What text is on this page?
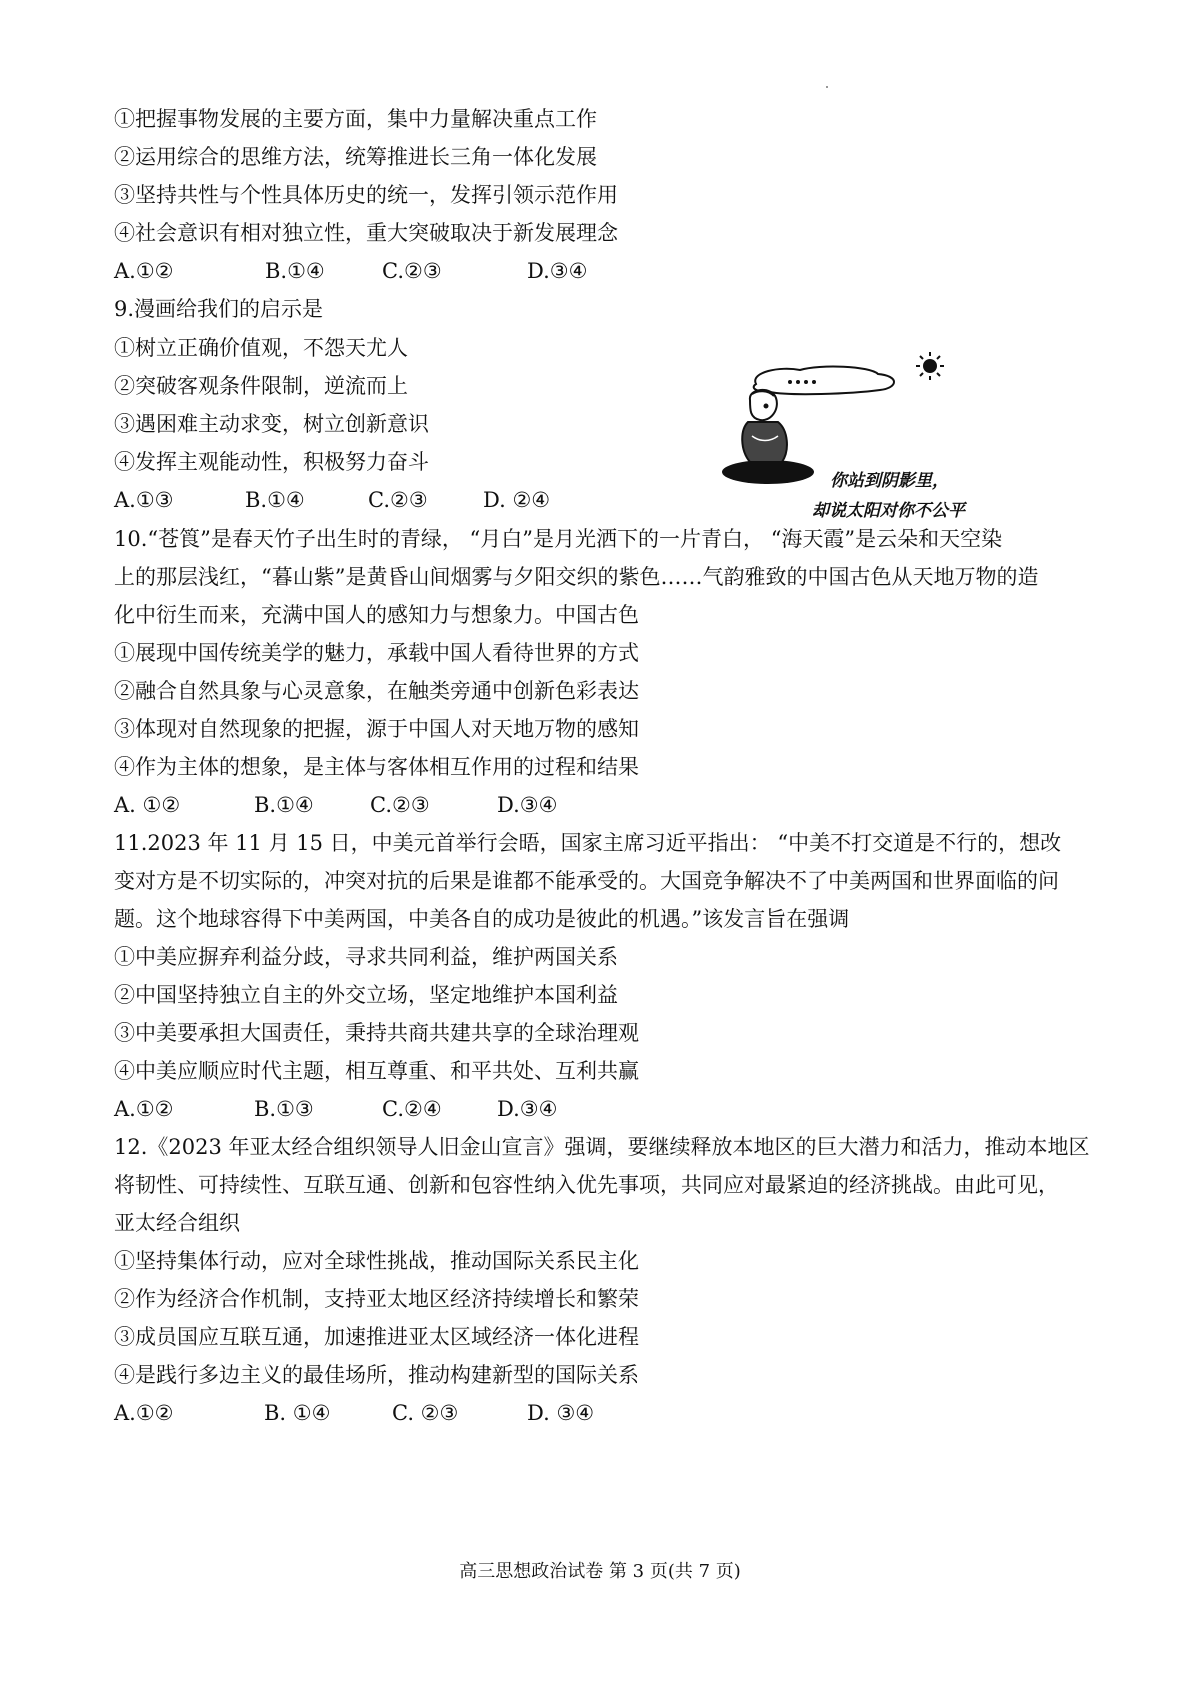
①把握事物发展的主要方面，集中力量解决重点工作
②运用综合的思维方法，统筹推进长三角一体化发展
③坚持共性与个性具体历史的统一，发挥引领示范作用
④社会意识有相对独立性，重大突破取决于新发展理念
A.①②	B.①④	C.②③	D.③④
9.漫画给我们的启示是
①树立正确价值观，不怨天尤人
②突破客观条件限制，逆流而上
③遇困难主动求变，树立创新意识
④发挥主观能动性，积极努力奋斗
A.①③	B.①④	C.②③	D. ②④
你站到阴影里，
却说太阳对你不公平
10.“苍筤”是春天竹子出生时的青绿， “月白”是月光洒下的一片青白， “海天霞”是云朵和天空染
上的那层浅红，“暮山紫”是黄昏山间烟雾与夕阳交织的紫色……气韵雅致的中国古色从天地万物的造
化中衍生而来，充满中国人的感知力与想象力。中国古色
①展现中国传统美学的魅力，承载中国人看待世界的方式
②融合自然具象与心灵意象，在触类旁通中创新色彩表达
③体现对自然现象的把握，源于中国人对天地万物的感知
④作为主体的想象，是主体与客体相互作用的过程和结果
A. ①②	B.①④	C.②③	D.③④
11.2023 年 11 月 15 日，中美元首举行会晤，国家主席习近平指出： “中美不打交道是不行的，想改
变对方是不切实际的，冲突对抗的后果是谁都不能承受的。大国竞争解决不了中美两国和世界面临的问
题。这个地球容得下中美两国，中美各自的成功是彼此的机遇。”该发言旨在强调
①中美应摒弃利益分歧，寻求共同利益，维护两国关系
②中国坚持独立自主的外交立场，坚定地维护本国利益
③中美要承担大国责任，秉持共商共建共享的全球治理观
④中美应顺应时代主题，相互尊重、和平共处、互利共赢
A.①②	B.①③	C.②④	D.③④
12.《2023 年亚太经合组织领导人旧金山宣言》强调，要继续释放本地区的巨大潜力和活力，推动本地区
将韧性、可持续性、互联互通、创新和包容性纳入优先事项，共同应对最紧迫的经济挑战。由此可见，
亚太经合组织
①坚持集体行动，应对全球性挑战，推动国际关系民主化
②作为经济合作机制，支持亚太地区经济持续增长和繁荣
③成员国应互联互通，加速推进亚太区域经济一体化进程
④是践行多边主义的最佳场所，推动构建新型的国际关系
A.①②	B. ①④	C. ②③	D. ③④
高三思想政治试卷 第 3 页(共 7 页)
